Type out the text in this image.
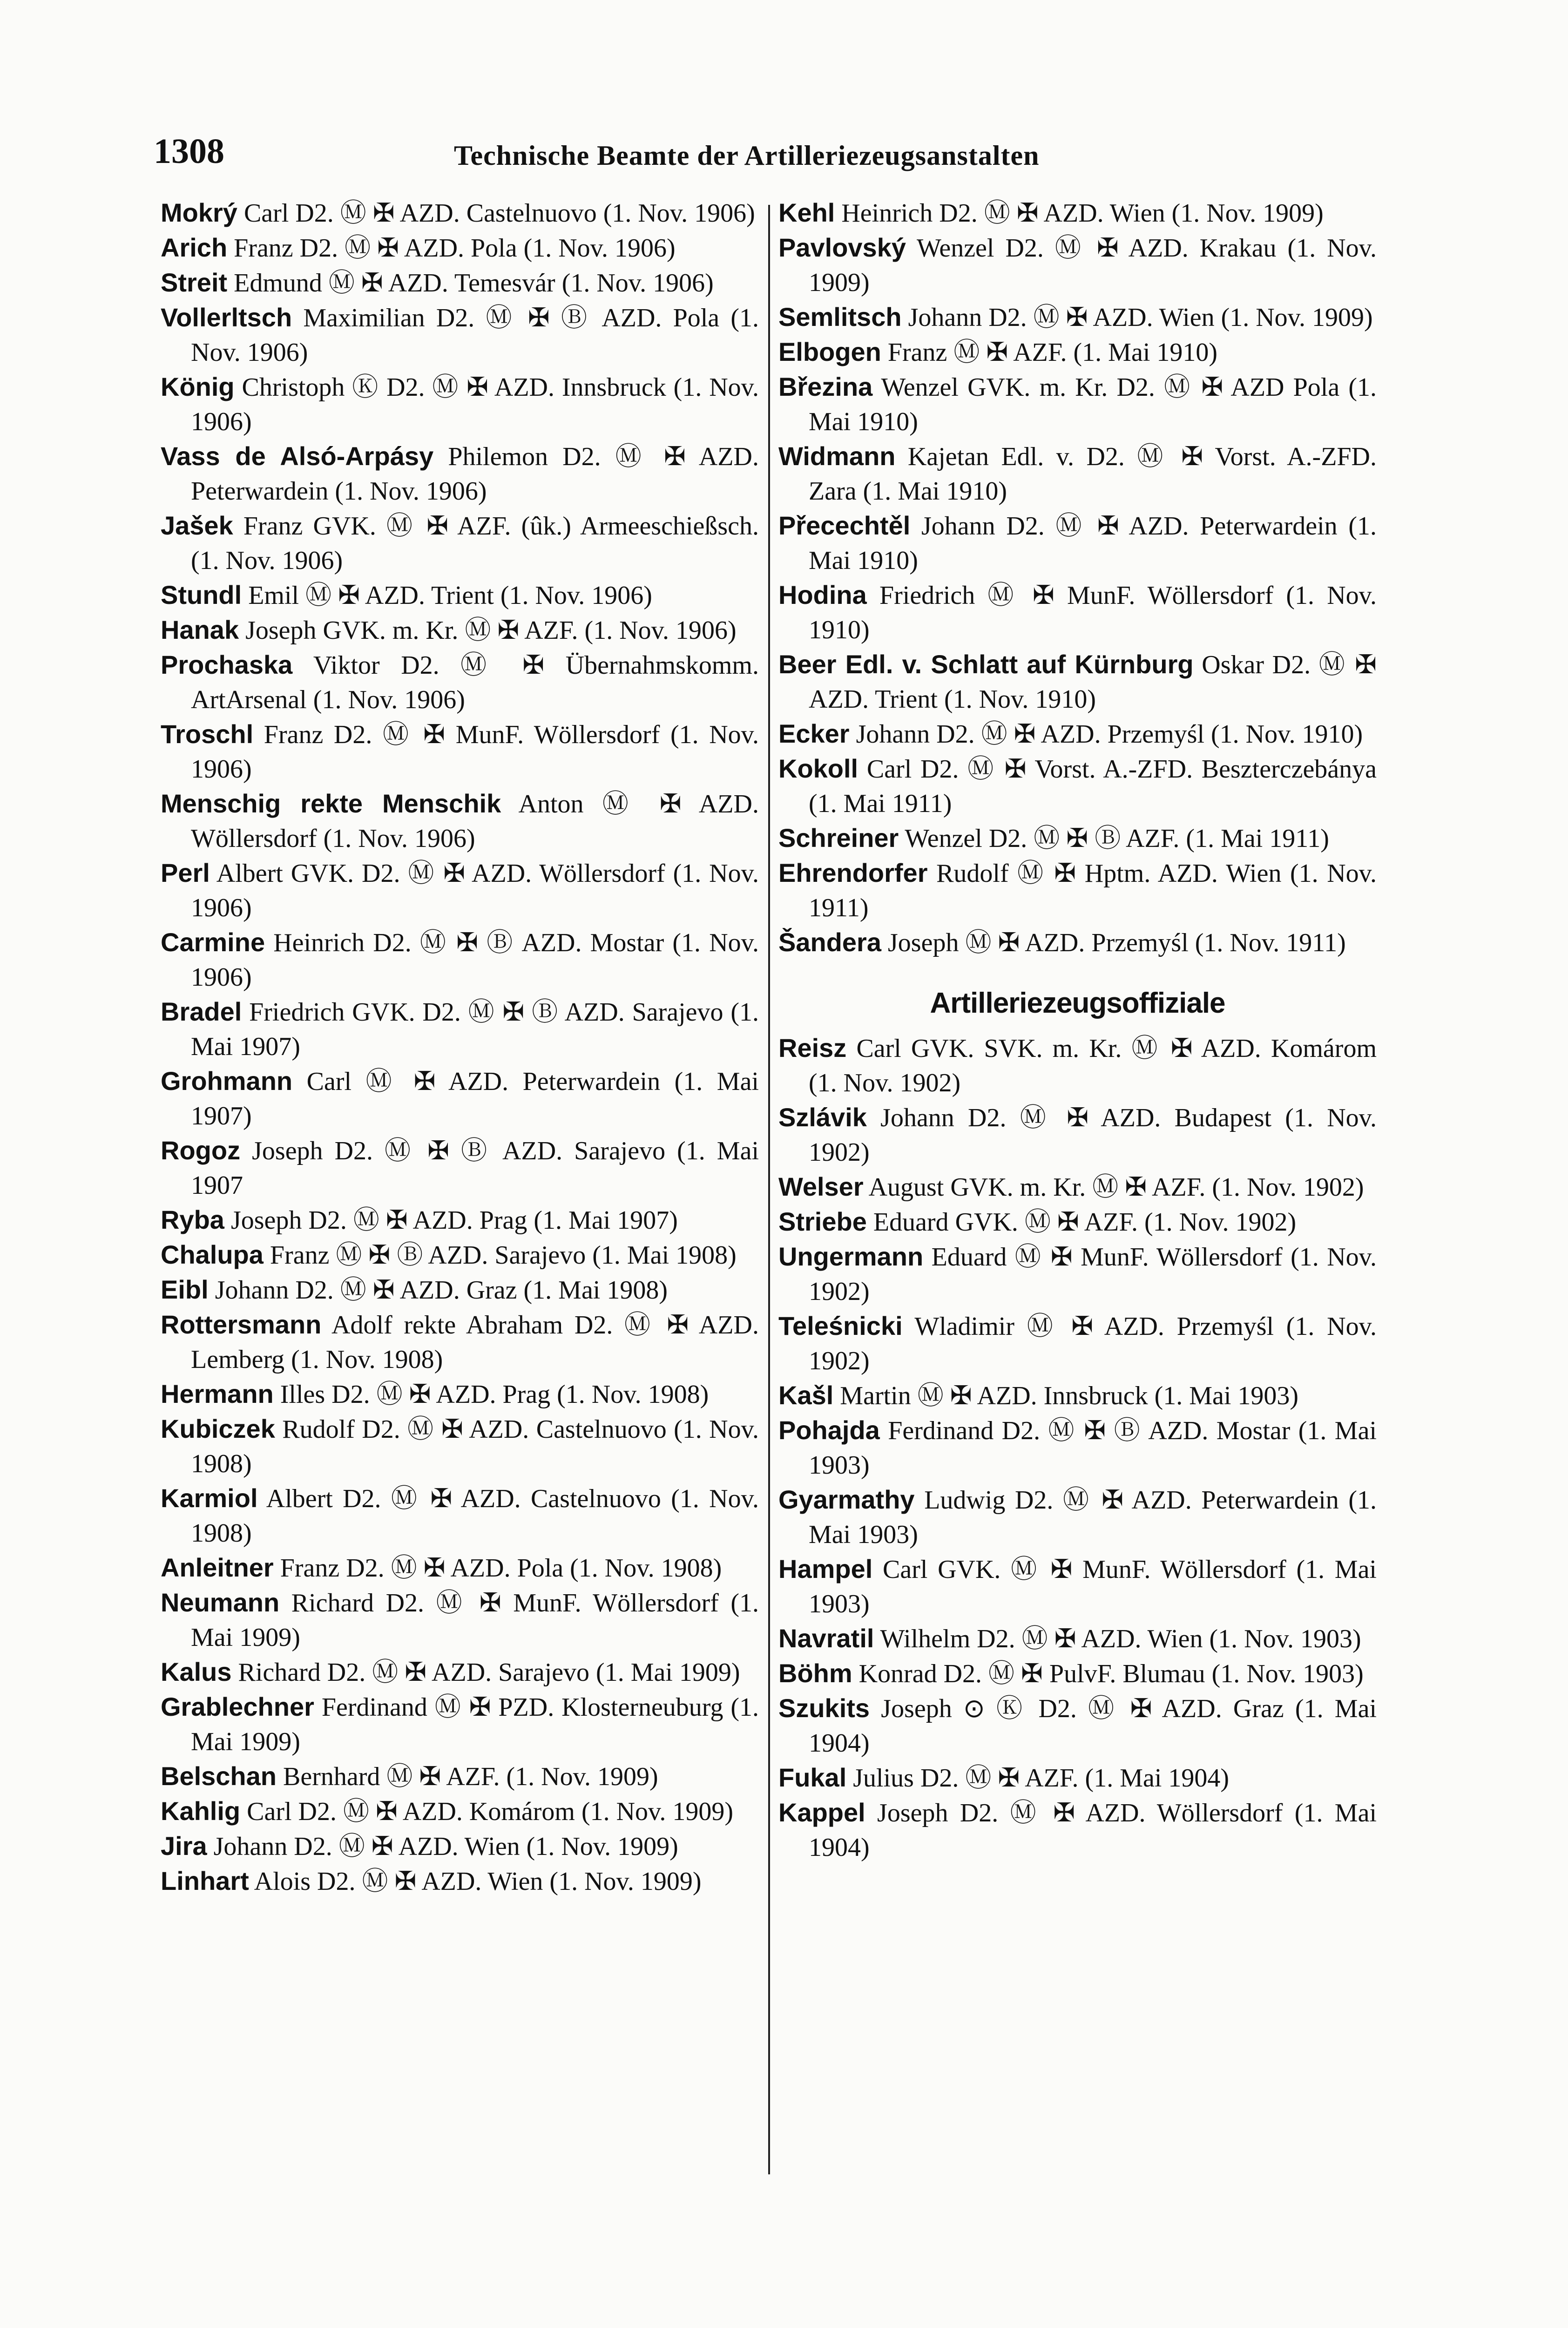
1308	Technische Beamte der Artilleriezeugsanstalten

Mokrý Carl D2. Ⓜ ✠ AZD. Castelnuovo (1. Nov. 1906)

Arich Franz D2. Ⓜ ✠ AZD. Pola (1. Nov. 1906)

Streit Edmund Ⓜ ✠ AZD. Temesvár (1. Nov. 1906)

Vollerltsch Maximilian D2. Ⓜ ✠ Ⓑ AZD. Pola (1. Nov. 1906)

König Christoph Ⓚ D2. Ⓜ ✠ AZD. Innsbruck (1. Nov. 1906)

Vass de Alsó-Arpásy Philemon D2. Ⓜ ✠ AZD. Peterwardein (1. Nov. 1906)

Jašek Franz GVK. Ⓜ ✠ AZF. (ûk.) Armeeschießsch. (1. Nov. 1906)

Stundl Emil Ⓜ ✠ AZD. Trient (1. Nov. 1906)

Hanak Joseph GVK. m. Kr. Ⓜ ✠ AZF. (1. Nov. 1906)

Prochaska Viktor D2. Ⓜ ✠ Übernahmskomm. ArtArsenal (1. Nov. 1906)

Troschl Franz D2. Ⓜ ✠ MunF. Wöllersdorf (1. Nov. 1906)

Menschig rekte Menschik Anton Ⓜ ✠ AZD. Wöllersdorf (1. Nov. 1906)

Perl Albert GVK. D2. Ⓜ ✠ AZD. Wöllersdorf (1. Nov. 1906)

Carmine Heinrich D2. Ⓜ ✠ Ⓑ AZD. Mostar (1. Nov. 1906)

Bradel Friedrich GVK. D2. Ⓜ ✠ Ⓑ AZD. Sarajevo (1. Mai 1907)

Grohmann Carl Ⓜ ✠ AZD. Peterwardein (1. Mai 1907)

Rogoz Joseph D2. Ⓜ ✠ Ⓑ AZD. Sarajevo (1. Mai 1907

Ryba Joseph D2. Ⓜ ✠ AZD. Prag (1. Mai 1907)

Chalupa Franz Ⓜ ✠ Ⓑ AZD. Sarajevo (1. Mai 1908)

Eibl Johann D2. Ⓜ ✠ AZD. Graz (1. Mai 1908)

Rottersmann Adolf rekte Abraham D2. Ⓜ ✠ AZD. Lemberg (1. Nov. 1908)

Hermann Illes D2. Ⓜ ✠ AZD. Prag (1. Nov. 1908)

Kubiczek Rudolf D2. Ⓜ ✠ AZD. Castelnuovo (1. Nov. 1908)

Karmiol Albert D2. Ⓜ ✠ AZD. Castelnuovo (1. Nov. 1908)

Anleitner Franz D2. Ⓜ ✠ AZD. Pola (1. Nov. 1908)

Neumann Richard D2. Ⓜ ✠ MunF. Wöllersdorf (1. Mai 1909)

Kalus Richard D2. Ⓜ ✠ AZD. Sarajevo (1. Mai 1909)

Grablechner Ferdinand Ⓜ ✠ PZD. Klosterneuburg (1. Mai 1909)

Belschan Bernhard Ⓜ ✠ AZF. (1. Nov. 1909)

Kahlig Carl D2. Ⓜ ✠ AZD. Komárom (1. Nov. 1909)

Jira Johann D2. Ⓜ ✠ AZD. Wien (1. Nov. 1909)

Linhart Alois D2. Ⓜ ✠ AZD. Wien (1. Nov. 1909)

Kehl Heinrich D2. Ⓜ ✠ AZD. Wien (1. Nov. 1909)

Pavlovský Wenzel D2. Ⓜ ✠ AZD. Krakau (1. Nov. 1909)

Semlitsch Johann D2. Ⓜ ✠ AZD. Wien (1. Nov. 1909)

Elbogen Franz Ⓜ ✠ AZF. (1. Mai 1910)

Březina Wenzel GVK. m. Kr. D2. Ⓜ ✠ AZD Pola (1. Mai 1910)

Widmann Kajetan Edl. v. D2. Ⓜ ✠ Vorst. A.-ZFD. Zara (1. Mai 1910)

Přecechtěl Johann D2. Ⓜ ✠ AZD. Peterwardein (1. Mai 1910)

Hodina Friedrich Ⓜ ✠ MunF. Wöllersdorf (1. Nov. 1910)

Beer Edl. v. Schlatt auf Kürnburg Oskar D2. Ⓜ ✠ AZD. Trient (1. Nov. 1910)

Ecker Johann D2. Ⓜ ✠ AZD. Przemyśl (1. Nov. 1910)

Kokoll Carl D2. Ⓜ ✠ Vorst. A.-ZFD. Beszterczebánya (1. Mai 1911)

Schreiner Wenzel D2. Ⓜ ✠ Ⓑ AZF. (1. Mai 1911)

Ehrendorfer Rudolf Ⓜ ✠ Hptm. AZD. Wien (1. Nov. 1911)

Šandera Joseph Ⓜ ✠ AZD. Przemyśl (1. Nov. 1911)

Artilleriezeugsoffiziale

Reisz Carl GVK. SVK. m. Kr. Ⓜ ✠ AZD. Komárom (1. Nov. 1902)

Szlávik Johann D2. Ⓜ ✠ AZD. Budapest (1. Nov. 1902)

Welser August GVK. m. Kr. Ⓜ ✠ AZF. (1. Nov. 1902)

Striebe Eduard GVK. Ⓜ ✠ AZF. (1. Nov. 1902)

Ungermann Eduard Ⓜ ✠ MunF. Wöllersdorf (1. Nov. 1902)

Teleśnicki Wladimir Ⓜ ✠ AZD. Przemyśl (1. Nov. 1902)

Kašl Martin Ⓜ ✠ AZD. Innsbruck (1. Mai 1903)

Pohajda Ferdinand D2. Ⓜ ✠ Ⓑ AZD. Mostar (1. Mai 1903)

Gyarmathy Ludwig D2. Ⓜ ✠ AZD. Peterwardein (1. Mai 1903)

Hampel Carl GVK. Ⓜ ✠ MunF. Wöllersdorf (1. Mai 1903)

Navratil Wilhelm D2. Ⓜ ✠ AZD. Wien (1. Nov. 1903)

Böhm Konrad D2. Ⓜ ✠ PulvF. Blumau (1. Nov. 1903)

Szukits Joseph ⊙ Ⓚ D2. Ⓜ ✠ AZD. Graz (1. Mai 1904)

Fukal Julius D2. Ⓜ ✠ AZF. (1. Mai 1904)

Kappel Joseph D2. Ⓜ ✠ AZD. Wöllersdorf (1. Mai 1904)
